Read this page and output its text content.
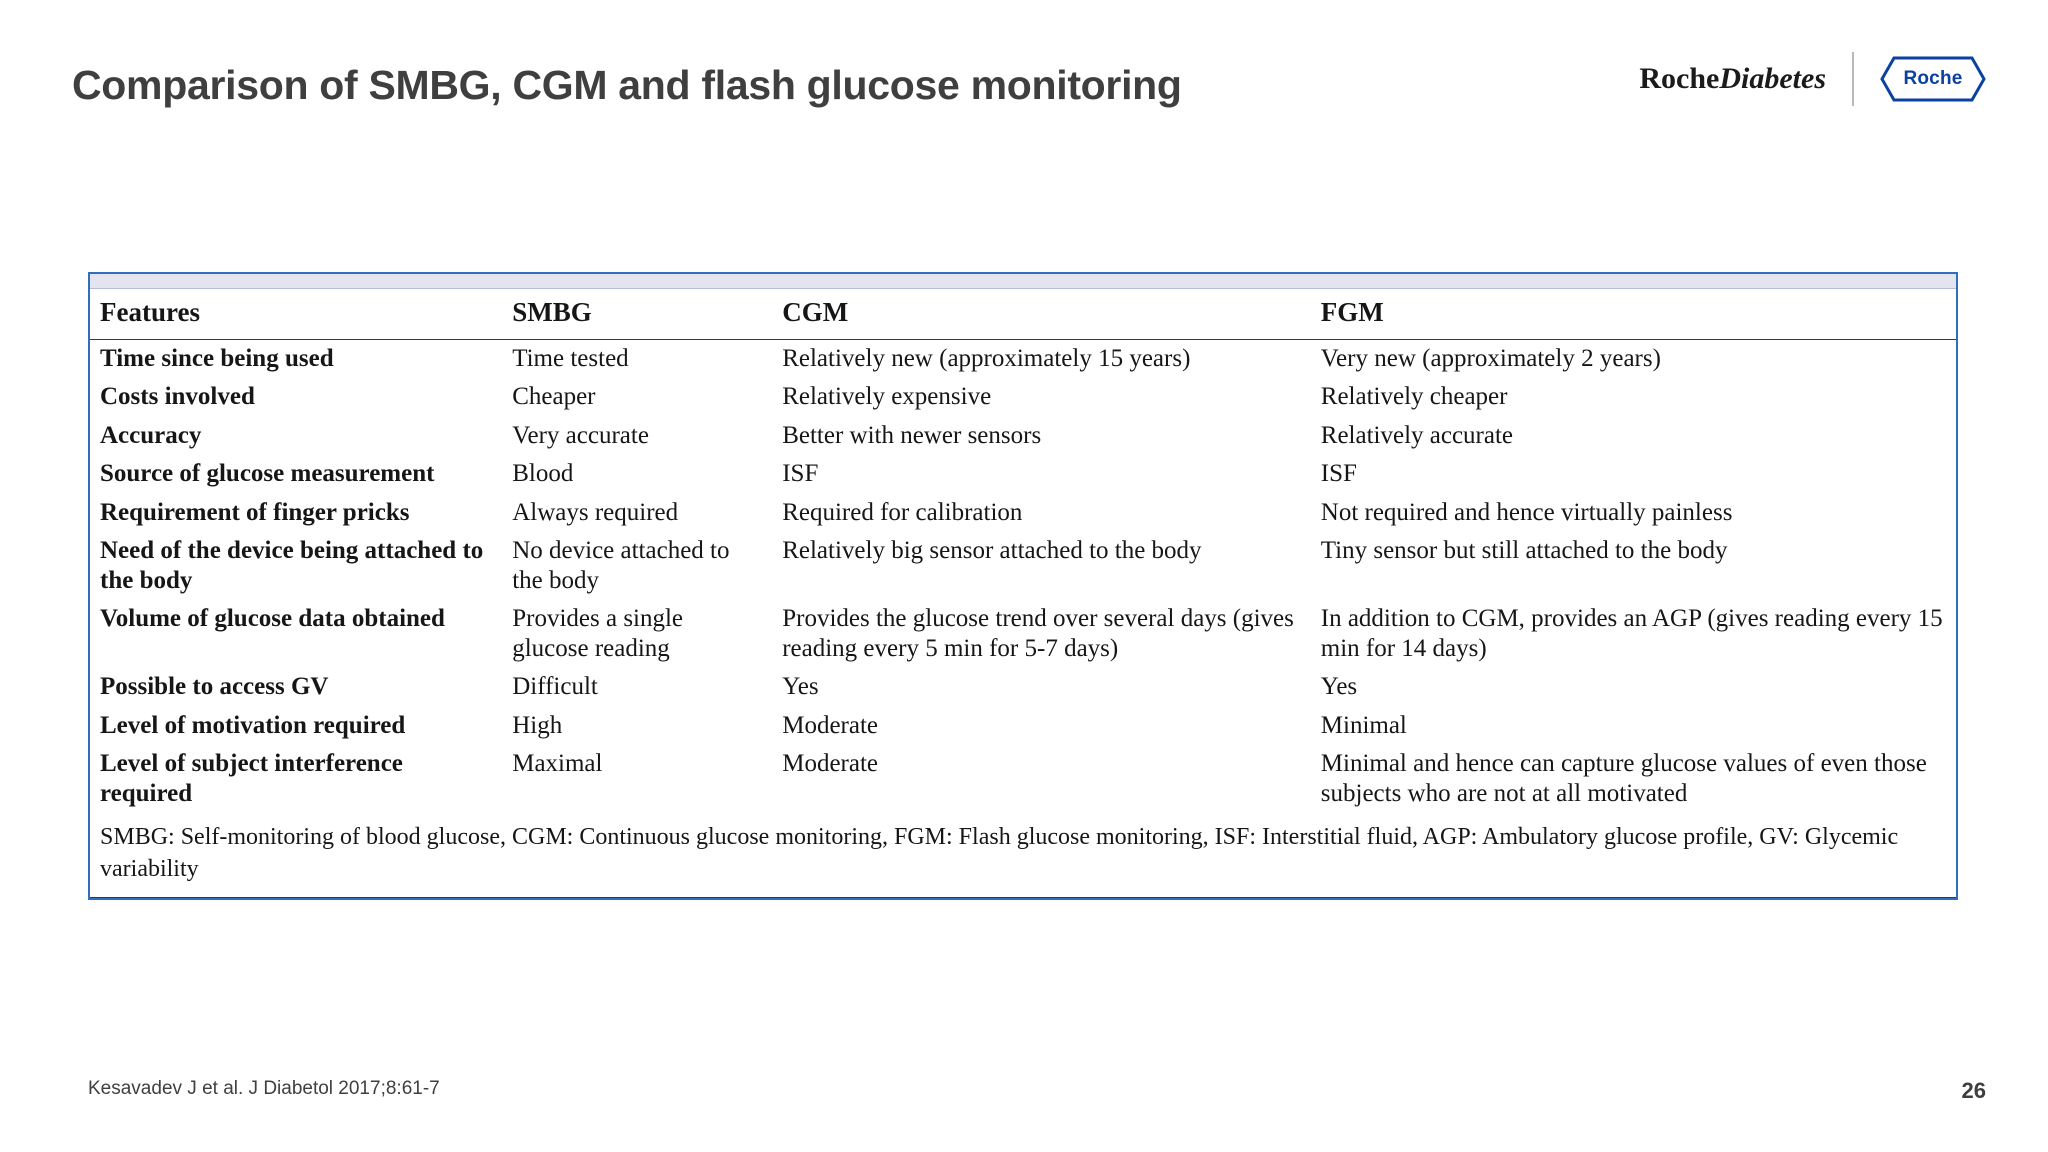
Comparison of SMBG, CGM and flash glucose monitoring	RocheDiabetes	Roche
Features	SMBG	CGM	FGM
Time since being used	Time tested	Relatively new (approximately 15 years)	Very new (approximately 2 years)
Costs involved	Cheaper	Relatively expensive	Relatively cheaper
Accuracy	Very accurate	Better with newer sensors	Relatively accurate
Source of glucose measurement	Blood	ISF	ISF
Requirement of finger pricks	Always required	Required for calibration	Not required and hence virtually painless
Need of the device being attached to the body	No device attached to the body	Relatively big sensor attached to the body	Tiny sensor but still attached to the body
Volume of glucose data obtained	Provides a single glucose reading	Provides the glucose trend over several days (gives reading every 5 min for 5-7 days)	In addition to CGM, provides an AGP (gives reading every 15 min for 14 days)
Possible to access GV	Difficult	Yes	Yes
Level of motivation required	High	Moderate	Minimal
Level of subject interference required	Maximal	Moderate	Minimal and hence can capture glucose values of even those subjects who are not at all motivated
SMBG: Self-monitoring of blood glucose, CGM: Continuous glucose monitoring, FGM: Flash glucose monitoring, ISF: Interstitial fluid, AGP: Ambulatory glucose profile, GV: Glycemic variability			
Kesavadev J et al. J Diabetol 2017;8:61-7	26
